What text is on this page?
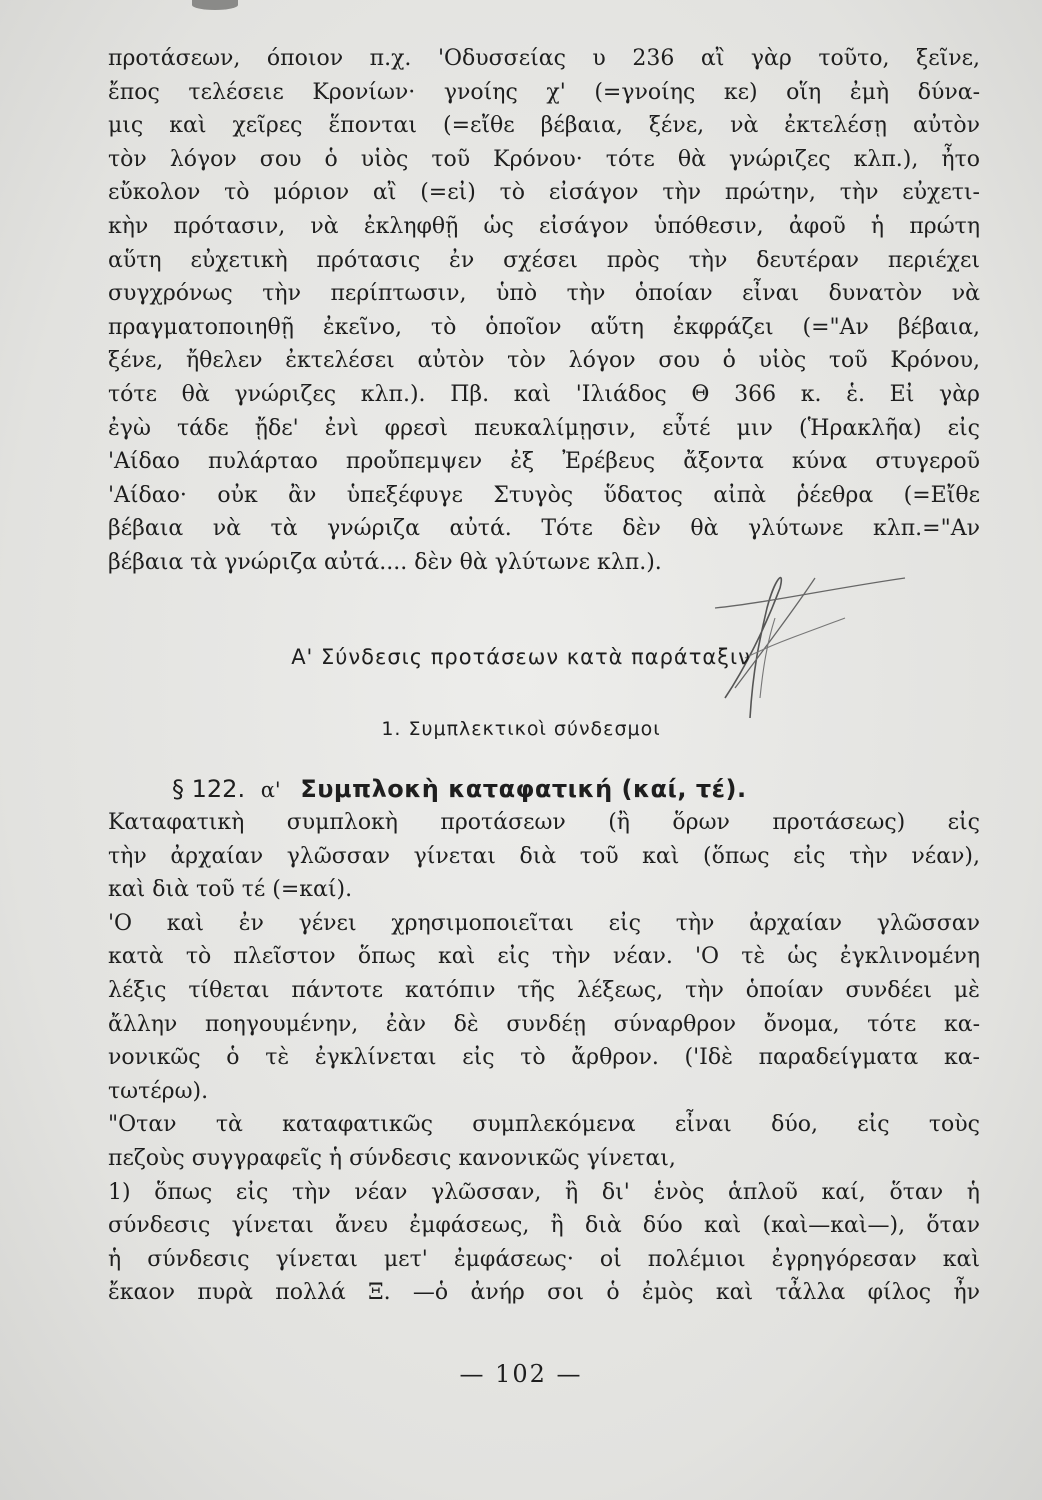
προτάσεων, όποιον π.χ. 'Οδυσσείας υ 236 αἲ γὰρ τοῦτο, ξεῖνε,
ἔπος τελέσειε Κρονίων· γνοίης χ' (=γνοίης κε) οἵη ἐμὴ δύνα-
μις καὶ χεῖρες ἕπονται (=εἴθε βέβαια, ξένε, νὰ ἐκτελέσῃ αὐτὸν
τὸν λόγον σου ὁ υἱὸς τοῦ Κρόνου· τότε θὰ γνώριζες κλπ.), ἦτο
εὔκολον τὸ μόριον αἲ (=εἰ) τὸ εἰσάγον τὴν πρώτην, τὴν εὐχετι-
κὴν πρότασιν, νὰ ἐκληφθῇ ὡς εἰσάγον ὑπόθεσιν, ἀφοῦ ἡ πρώτη
αὕτη εὐχετικὴ πρότασις ἐν σχέσει πρὸς τὴν δευτέραν περιέχει
συγχρόνως τὴν περίπτωσιν, ὑπὸ τὴν ὁποίαν εἶναι δυνατὸν νὰ
πραγματοποιηθῇ ἐκεῖνο, τὸ ὁποῖον αὕτη ἐκφράζει (="Αν βέβαια,
ξένε, ἤθελεν ἐκτελέσει αὐτὸν τὸν λόγον σου ὁ υἱὸς τοῦ Κρόνου,
τότε θὰ γνώριζες κλπ.). Πβ. καὶ 'Ιλιάδος Θ 366 κ. ἑ. Εἰ γὰρ
ἐγὼ τάδε ᾔδε' ἐνὶ φρεσὶ πευκαλίμῃσιν, εὖτέ μιν (Ἡρακλῆα) εἰς
'Αίδαο πυλάρταο προὔπεμψεν ἐξ Ἐρέβευς ἄξοντα κύνα στυγεροῦ
'Αίδαο· οὐκ ἂν ὑπεξέφυγε Στυγὸς ὕδατος αἰπὰ ῥέεθρα (=Εἴθε
βέβαια νὰ τὰ γνώριζα αὐτά. Τότε δὲν θὰ γλύτωνε κλπ.="Αν
βέβαια τὰ γνώριζα αὐτά.... δὲν θὰ γλύτωνε κλπ.).
Α' Σύνδεσις προτάσεων κατὰ παράταξιν
1. Συμπλεκτικοὶ σύνδεσμοι
§ 122. α' Συμπλοκὴ καταφατική (καί, τέ).
Καταφατικὴ συμπλοκὴ προτάσεων (ἢ ὅρων προτάσεως) εἰς
τὴν ἀρχαίαν γλῶσσαν γίνεται διὰ τοῦ καὶ (ὅπως εἰς τὴν νέαν),
καὶ διὰ τοῦ τέ (=καί).
'Ο καὶ ἐν γένει χρησιμοποιεῖται εἰς τὴν ἀρχαίαν γλῶσσαν
κατὰ τὸ πλεῖστον ὅπως καὶ εἰς τὴν νέαν. 'Ο τὲ ὡς ἐγκλινομένη
λέξις τίθεται πάντοτε κατόπιν τῆς λέξεως, τὴν ὁποίαν συνδέει μὲ
ἄλλην ποηγουμένην, ἐὰν δὲ συνδέῃ σύναρθρον ὄνομα, τότε κα-
νονικῶς ὁ τὲ ἐγκλίνεται εἰς τὸ ἄρθρον. ('Ιδὲ παραδείγματα κα-
τωτέρω).
"Οταν τὰ καταφατικῶς συμπλεκόμενα εἶναι δύο, εἰς τοὺς
πεζοὺς συγγραφεῖς ἡ σύνδεσις κανονικῶς γίνεται,
1) ὅπως εἰς τὴν νέαν γλῶσσαν, ἢ δι' ἑνὸς ἁπλοῦ καί, ὅταν ἡ
σύνδεσις γίνεται ἄνευ ἐμφάσεως, ἢ διὰ δύο καὶ (καὶ—καὶ—), ὅταν
ἡ σύνδεσις γίνεται μετ' ἐμφάσεως· οἱ πολέμιοι ἐγρηγόρεσαν καὶ
ἔκαον πυρὰ πολλά Ξ. —ὁ ἀνήρ σοι ὁ ἐμὸς καὶ τἆλλα φίλος ἦν
— 102 —
